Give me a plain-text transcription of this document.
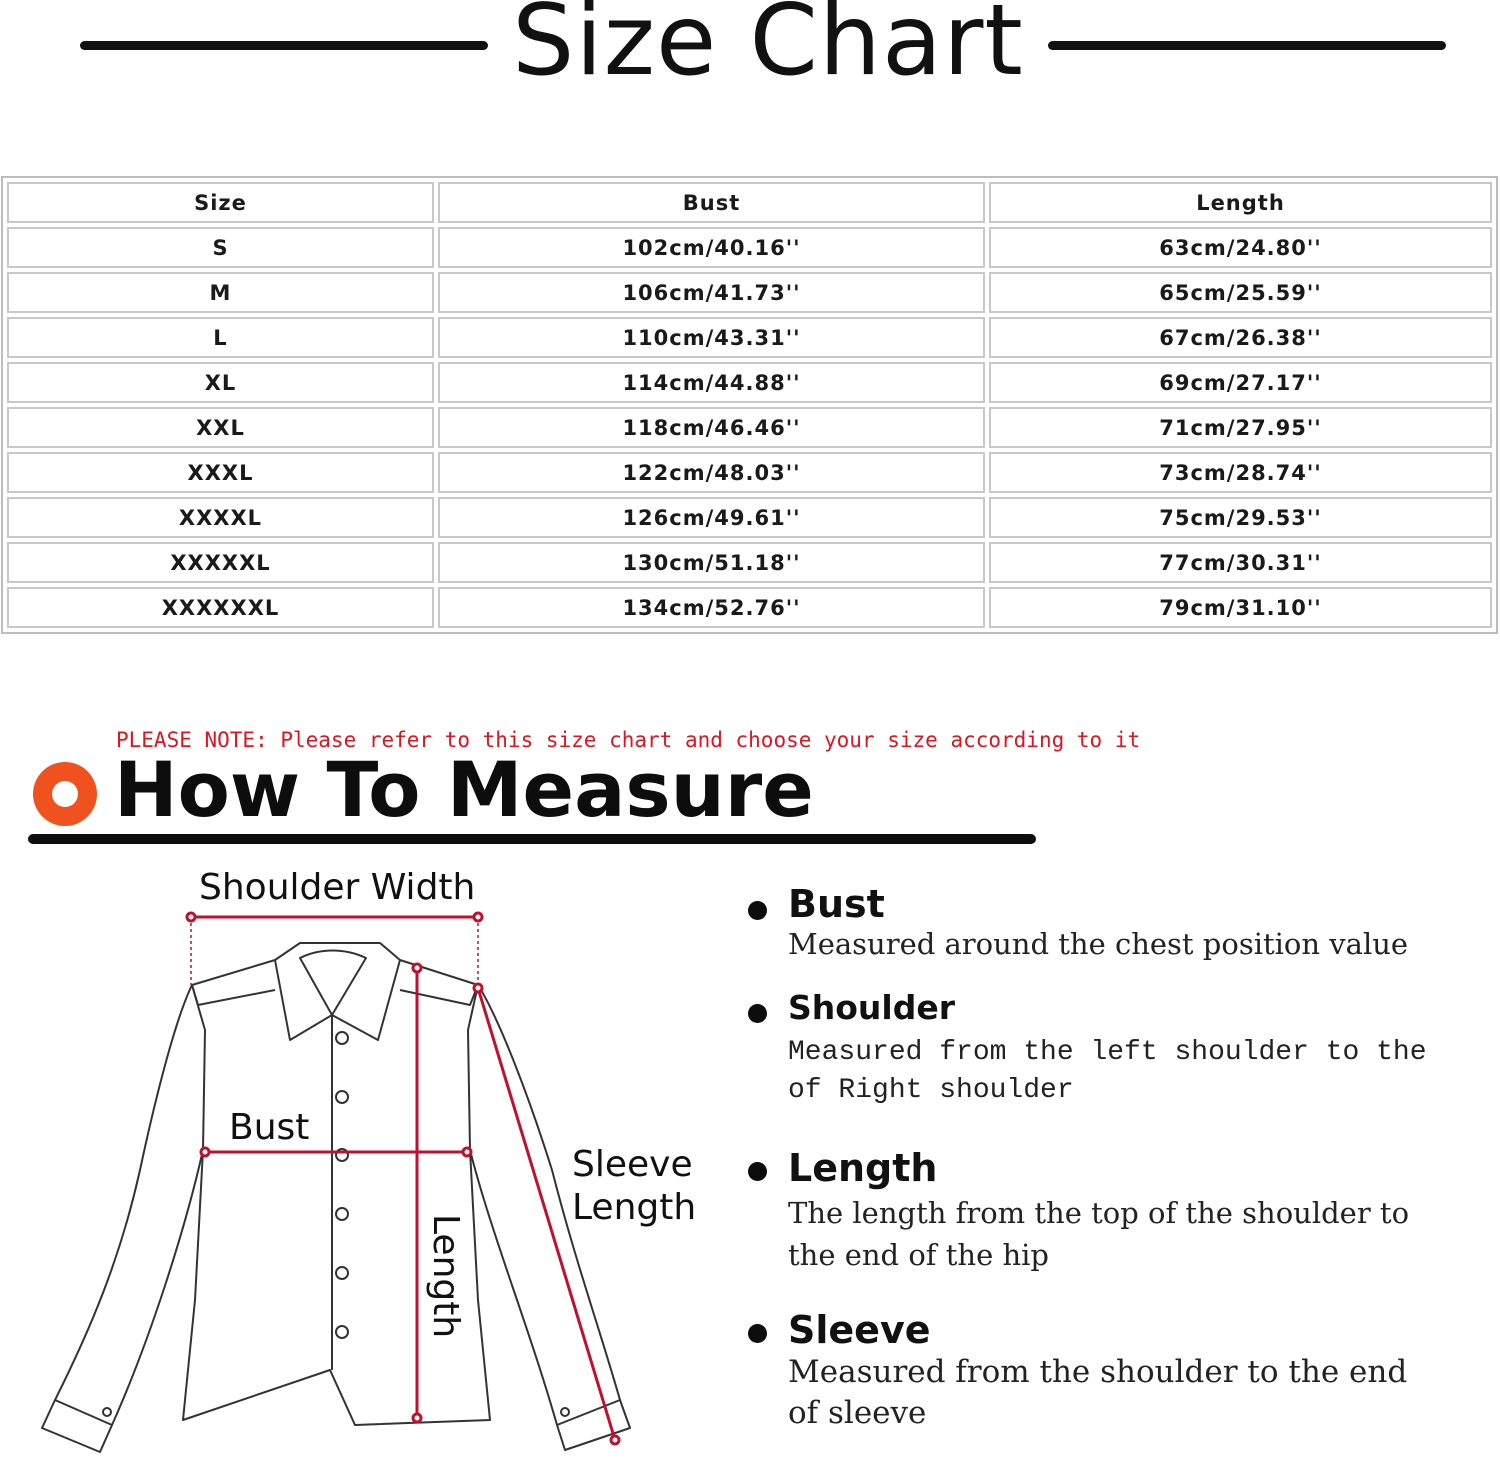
Size Chart
Size	Bust	Length
S	102cm/40.16''	63cm/24.80''
M	106cm/41.73''	65cm/25.59''
L	110cm/43.31''	67cm/26.38''
XL	114cm/44.88''	69cm/27.17''
XXL	118cm/46.46''	71cm/27.95''
XXXL	122cm/48.03''	73cm/28.74''
XXXXL	126cm/49.61''	75cm/29.53''
XXXXXL	130cm/51.18''	77cm/30.31''
XXXXXXL	134cm/52.76''	79cm/31.10''
PLEASE NOTE: Please refer to this size chart and choose your size according to it
How To Measure
Shoulder Width
Bust
Sleeve
Length
Length
Bust
Measured around the chest position value
Shoulder
Measured from the left shoulder to the
of Right shoulder
Length
The length from the top of the shoulder to
the end of the hip
Sleeve
Measured from the shoulder to the end
of sleeve
